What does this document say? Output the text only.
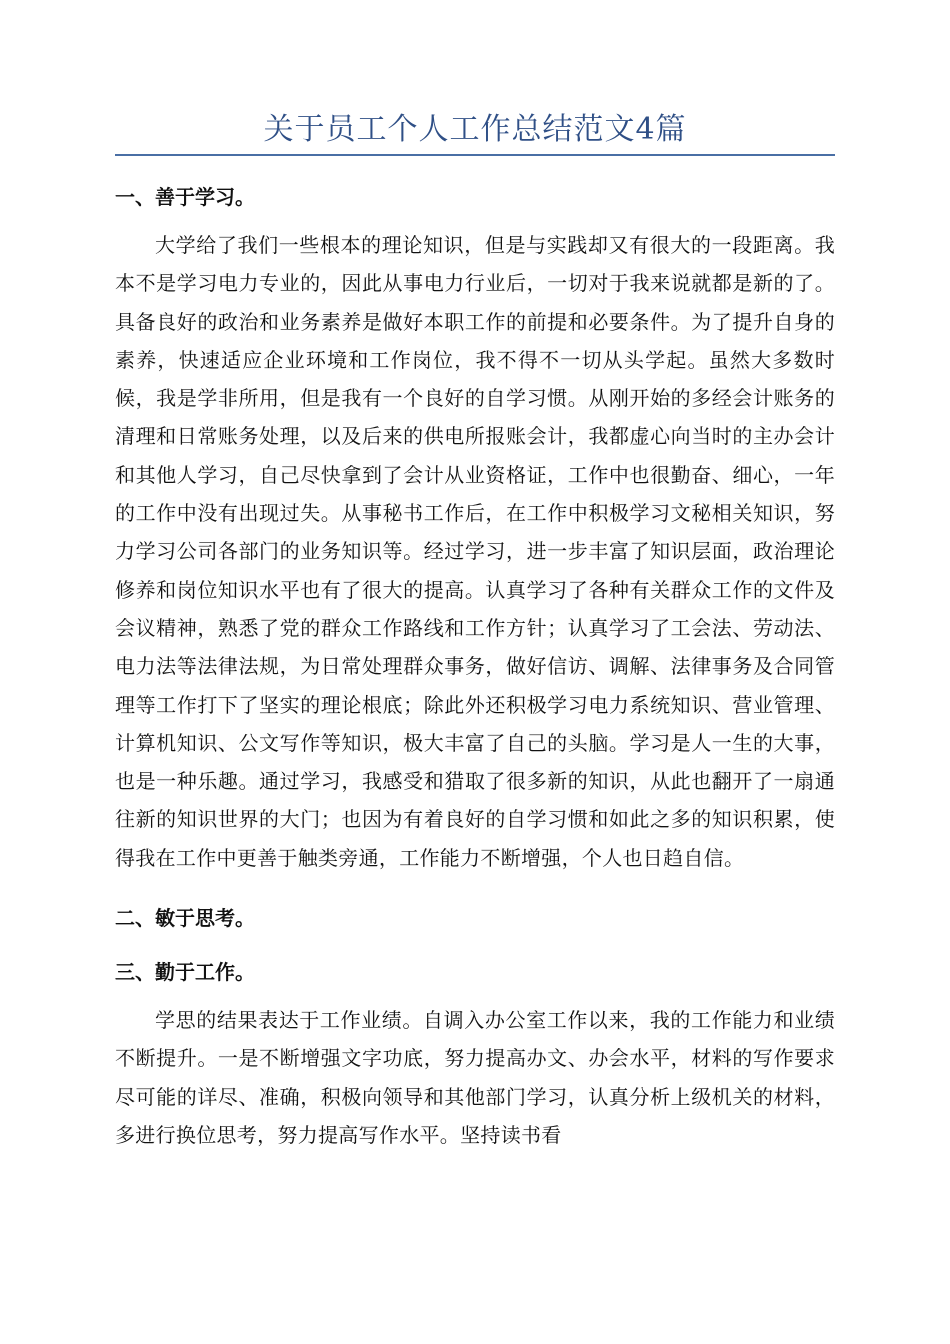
关于员工个人工作总结范文4篇
一、善于学习。

大学给了我们一些根本的理论知识，但是与实践却又有很大的一段距离。我本不是学习电力专业的，因此从事电力行业后，一切对于我来说就都是新的了。具备良好的政治和业务素养是做好本职工作的前提和必要条件。为了提升自身的素养，快速适应企业环境和工作岗位，我不得不一切从头学起。虽然大多数时候，我是学非所用，但是我有一个良好的自学习惯。从刚开始的多经会计账务的清理和日常账务处理，以及后来的供电所报账会计，我都虚心向当时的主办会计和其他人学习，自己尽快拿到了会计从业资格证，工作中也很勤奋、细心，一年的工作中没有出现过失。从事秘书工作后，在工作中积极学习文秘相关知识，努力学习公司各部门的业务知识等。经过学习，进一步丰富了知识层面，政治理论修养和岗位知识水平也有了很大的提高。认真学习了各种有关群众工作的文件及会议精神，熟悉了党的群众工作路线和工作方针；认真学习了工会法、劳动法、电力法等法律法规，为日常处理群众事务，做好信访、调解、法律事务及合同管理等工作打下了坚实的理论根底；除此外还积极学习电力系统知识、营业管理、计算机知识、公文写作等知识，极大丰富了自己的头脑。学习是人一生的大事，也是一种乐趣。通过学习，我感受和猎取了很多新的知识，从此也翻开了一扇通往新的知识世界的大门；也因为有着良好的自学习惯和如此之多的知识积累，使得我在工作中更善于触类旁通，工作能力不断增强，个人也日趋自信。

二、敏于思考。
三、勤于工作。

学思的结果表达于工作业绩。自调入办公室工作以来，我的工作能力和业绩不断提升。一是不断增强文字功底，努力提高办文、办会水平，材料的写作要求尽可能的详尽、准确，积极向领导和其他部门学习，认真分析上级机关的材料，多进行换位思考，努力提高写作水平。坚持读书看
